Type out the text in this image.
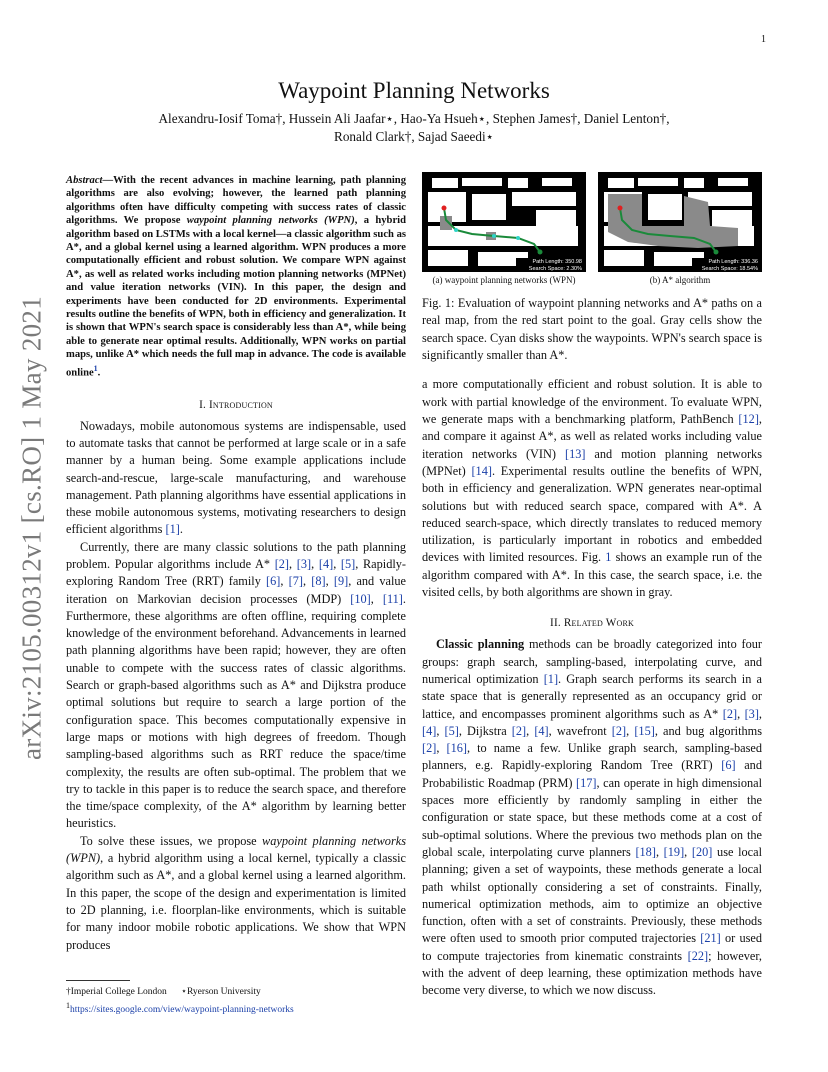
1
arXiv:2105.00312v1 [cs.RO] 1 May 2021
Waypoint Planning Networks
Alexandru-Iosif Toma†, Hussein Ali Jaafar⋆, Hao-Ya Hsueh⋆, Stephen James†, Daniel Lenton†,
Ronald Clark†, Sajad Saeedi⋆

Abstract—With the recent advances in machine learning, path planning algorithms are also evolving; however, the learned path planning algorithms often have difficulty competing with success rates of classic algorithms. We propose waypoint planning networks (WPN), a hybrid algorithm based on LSTMs with a local kernel—a classic algorithm such as A*, and a global kernel using a learned algorithm. WPN produces a more computationally efficient and robust solution. We compare WPN against A*, as well as related works including motion planning networks (MPNet) and value iteration networks (VIN). In this paper, the design and experiments have been conducted for 2D environments. Experimental results outline the benefits of WPN, both in efficiency and generalization. It is shown that WPN's search space is considerably less than A*, while being able to generate near optimal results. Additionally, WPN works on partial maps, unlike A* which needs the full map in advance. The code is available online$^1$.

I. Introduction

Nowadays, mobile autonomous systems are indispensable, used to automate tasks that cannot be performed at large scale or in a safe manner by a human being. Some example applications include search-and-rescue, large-scale manufacturing, and warehouse management. Path planning algorithms have essential applications in these mobile autonomous systems, motivating researchers to design efficient algorithms [1].

Currently, there are many classic solutions to the path planning problem. Popular algorithms include A* [2], [3], [4], [5], Rapidly-exploring Random Tree (RRT) family [6], [7], [8], [9], and value iteration on Markovian decision processes (MDP) [10], [11]. Furthermore, these algorithms are often offline, requiring complete knowledge of the environment beforehand. Advancements in learned path planning algorithms have been rapid; however, they are often unable to compete with the success rates of classic algorithms. Search or graph-based algorithms such as A* and Dijkstra produce optimal solutions but require to search a large portion of the configuration space. This becomes computationally expensive in large maps or motions with high degrees of freedom. Though sampling-based algorithms such as RRT reduce the space/time complexity, the results are often sub-optimal. The problem that we try to tackle in this paper is to reduce the search space, and therefore the time/space complexity, of the A* algorithm by learning better heuristics.

To solve these issues, we propose waypoint planning networks (WPN), a hybrid algorithm using a local kernel, typically a classic algorithm such as A*, and a global kernel using a learned algorithm. In this paper, the scope of the design and experimentation is limited to 2D planning, i.e. floorplan-like environments, which is suitable for many indoor mobile robotic applications. We show that WPN produces

†Imperial College London ⋆Ryerson University
$^1$https://sites.google.com/view/waypoint-planning-networks
Path Length: 350.98
Search Space: 2.30%
(a) waypoint planning networks (WPN)
Path Length: 336.36
Search Space: 18.54%
(b) A* algorithm

Fig. 1: Evaluation of waypoint planning networks and A* paths on a real map, from the red start point to the goal. Gray cells show the search space. Cyan disks show the waypoints. WPN's search space is significantly smaller than A*.

a more computationally efficient and robust solution. It is able to work with partial knowledge of the environment. To evaluate WPN, we generate maps with a benchmarking platform, PathBench [12], and compare it against A*, as well as related works including value iteration networks (VIN) [13] and motion planning networks (MPNet) [14]. Experimental results outline the benefits of WPN, both in efficiency and generalization. WPN generates near-optimal solutions but with reduced search space, compared with A*. A reduced search-space, which directly translates to reduced memory utilization, is particularly important in robotics and embedded devices with limited resources. Fig. 1 shows an example run of the algorithm compared with A*. In this case, the search space, i.e. the visited cells, by both algorithms are shown in gray.

II. Related Work

Classic planning methods can be broadly categorized into four groups: graph search, sampling-based, interpolating curve, and numerical optimization [1]. Graph search performs its search in a state space that is generally represented as an occupancy grid or lattice, and encompasses prominent algorithms such as A* [2], [3], [4], [5], Dijkstra [2], [4], wavefront [2], [15], and bug algorithms [2], [16], to name a few. Unlike graph search, sampling-based planners, e.g. Rapidly-exploring Random Tree (RRT) [6] and Probabilistic Roadmap (PRM) [17], can operate in high dimensional spaces more efficiently by randomly sampling in either the configuration or state space, but these methods come at a cost of sub-optimal solutions. Where the previous two methods plan on the global scale, interpolating curve planners [18], [19], [20] use local planning; given a set of waypoints, these methods generate a local path whilst optionally considering a set of constraints. Finally, numerical optimization methods, aim to optimize an objective function, often with a set of constraints. Previously, these methods were often used to smooth prior computed trajectories [21] or used to compute trajectories from kinematic constraints [22]; however, with the advent of deep learning, these optimization methods have become very diverse, to which we now discuss.
